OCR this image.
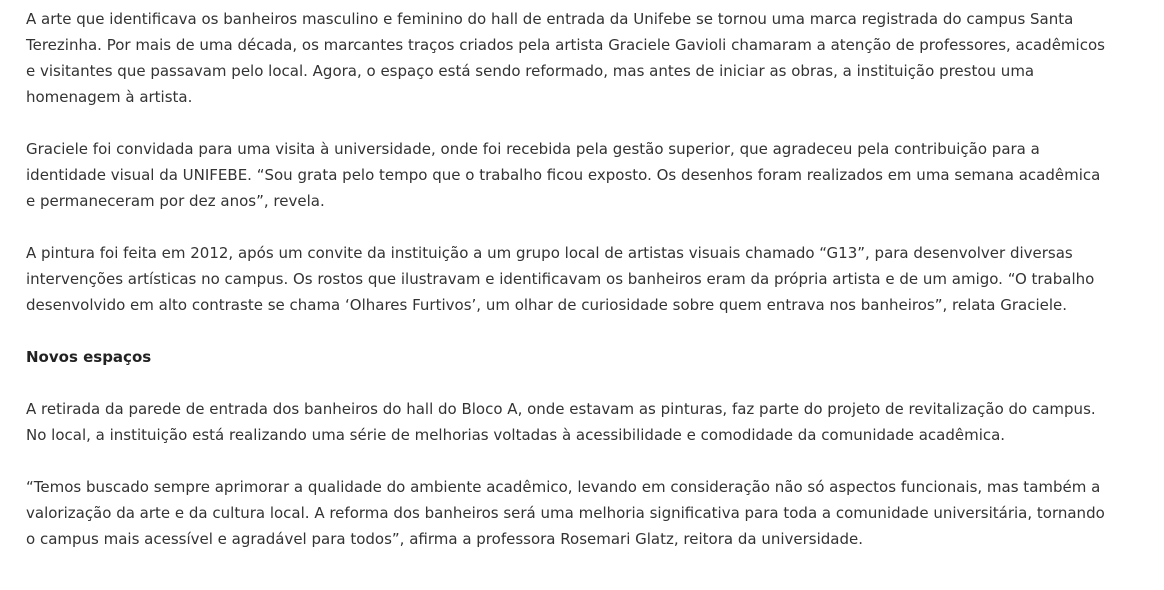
A arte que identificava os banheiros masculino e feminino do hall de entrada da Unifebe se tornou uma marca registrada do campus Santa Terezinha. Por mais de uma década, os marcantes traços criados pela artista Graciele Gavioli chamaram a atenção de professores, acadêmicos e visitantes que passavam pelo local. Agora, o espaço está sendo reformado, mas antes de iniciar as obras, a instituição prestou uma homenagem à artista.

Graciele foi convidada para uma visita à universidade, onde foi recebida pela gestão superior, que agradeceu pela contribuição para a identidade visual da UNIFEBE. “Sou grata pelo tempo que o trabalho ficou exposto. Os desenhos foram realizados em uma semana acadêmica e permaneceram por dez anos”, revela.

A pintura foi feita em 2012, após um convite da instituição a um grupo local de artistas visuais chamado “G13”, para desenvolver diversas intervenções artísticas no campus. Os rostos que ilustravam e identificavam os banheiros eram da própria artista e de um amigo. “O trabalho desenvolvido em alto contraste se chama ‘Olhares Furtivos’, um olhar de curiosidade sobre quem entrava nos banheiros”, relata Graciele.

Novos espaços

A retirada da parede de entrada dos banheiros do hall do Bloco A, onde estavam as pinturas, faz parte do projeto de revitalização do campus. No local, a instituição está realizando uma série de melhorias voltadas à acessibilidade e comodidade da comunidade acadêmica.

“Temos buscado sempre aprimorar a qualidade do ambiente acadêmico, levando em consideração não só aspectos funcionais, mas também a valorização da arte e da cultura local. A reforma dos banheiros será uma melhoria significativa para toda a comunidade universitária, tornando o campus mais acessível e agradável para todos”, afirma a professora Rosemari Glatz, reitora da universidade.
